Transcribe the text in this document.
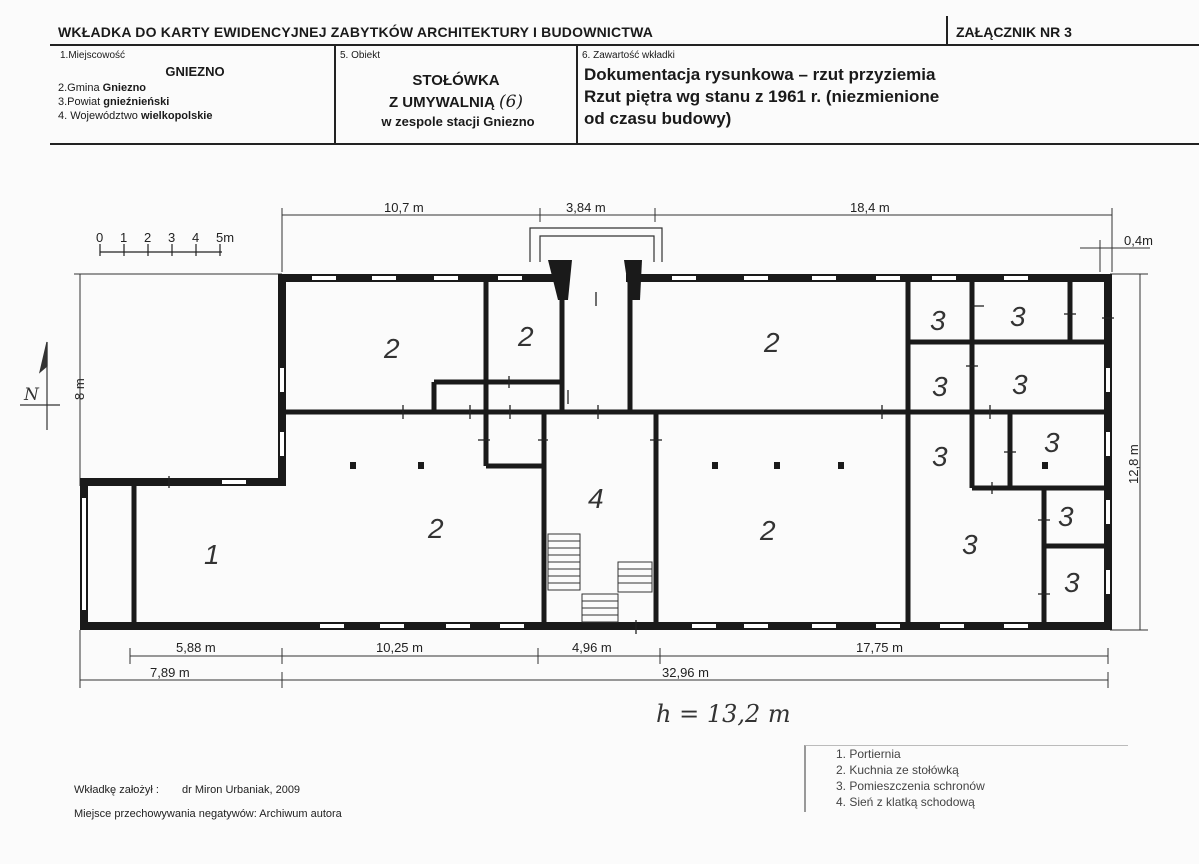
WKŁADKA DO KARTY EWIDENCYJNEJ ZABYTKÓW ARCHITEKTURY I BUDOWNICTWA	ZAŁĄCZNIK NR 3
1.Miejscowość
GNIEZNO
2.Gmina Gniezno
3.Powiat gnieźnieński
4. Województwo wielkopolskie
5. Obiekt
STOŁÓWKA
Z UMYWALNIĄ (6)
w zespole stacji Gniezno
6. Zawartość wkładki
Dokumentacja rysunkowa – rzut przyziemia
Rzut piętra wg stanu z 1961 r. (niezmienione
od czasu budowy)
0 1 2 3 4 5m
N
10,7 m	3,84 m	18,4 m
0,4m
5,88 m	10,25 m	4,96 m	17,75 m
7,89 m	32,96 m
8 m
12,8 m
1
2	2	2
2	2
3 3
3 3
3	3
3
3
3
4
h = 13,2 m
1. Portiernia
2. Kuchnia ze stołówką
3. Pomieszczenia schronów
4. Sień z klatką schodową
Wkładkę założył : dr Miron Urbaniak, 2009
Miejsce przechowywania negatywów: Archiwum autora
